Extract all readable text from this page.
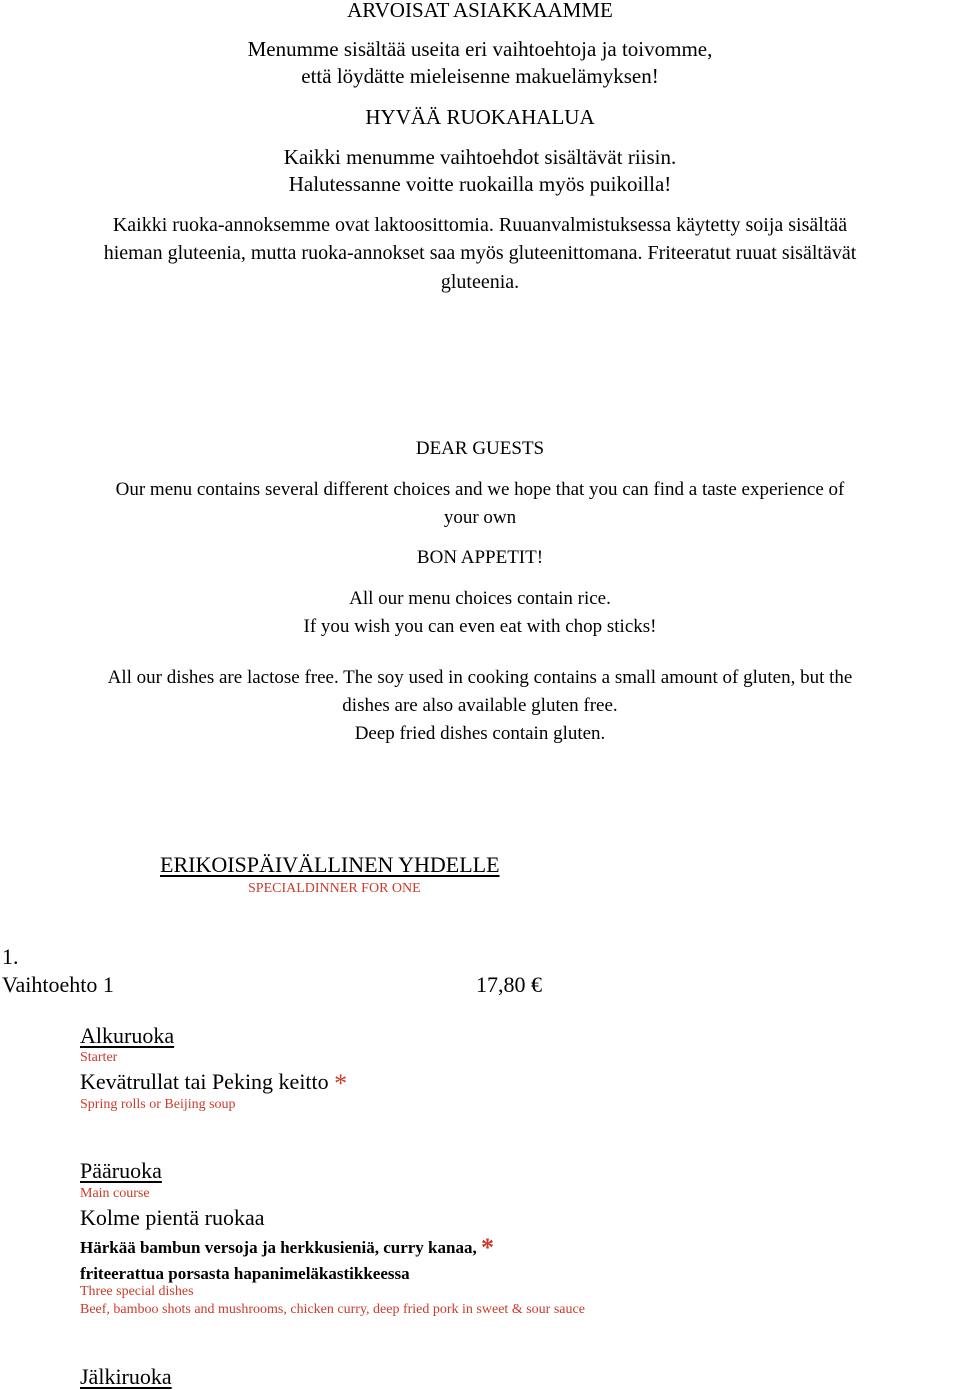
ARVOISAT ASIAKKAAMME
Menumme sisältää useita eri vaihtoehtoja ja toivomme,
että löydätte mieleisenne makuelämyksen!
HYVÄÄ RUOKAHALUA
Kaikki menumme vaihtoehdot sisältävät riisin.
Halutessanne voitte ruokailla myös puikoilla!
Kaikki ruoka-annoksemme ovat laktoosittomia. Ruuanvalmistuksessa käytetty soija sisältää
hieman gluteenia, mutta ruoka-annokset saa myös gluteenittomana. Friteeratut ruuat sisältävät
gluteenia.
DEAR GUESTS
Our menu contains several different choices and we hope that you can find a taste experience of
your own
BON APPETIT!
All our menu choices contain rice.
If you wish you can even eat with chop sticks!
All our dishes are lactose free. The soy used in cooking contains a small amount of gluten, but the
dishes are also available gluten free.
Deep fried dishes contain gluten.
ERIKOISPÄIVÄLLINEN YHDELLE
SPECIALDINNER FOR ONE
1.
Vaihtoehto 1	17,80 €
Alkuruoka
Starter
Kevätrullat tai Peking keitto *
Spring rolls or Beijing soup
Pääruoka
Main course
Kolme pientä ruokaa
Härkää bambun versoja ja herkkusieniä, curry kanaa, *
friteerattua porsasta hapanimeläkastikkeessa
Three special dishes
Beef, bamboo shots and mushrooms, chicken curry, deep fried pork in sweet & sour sauce
Jälkiruoka
